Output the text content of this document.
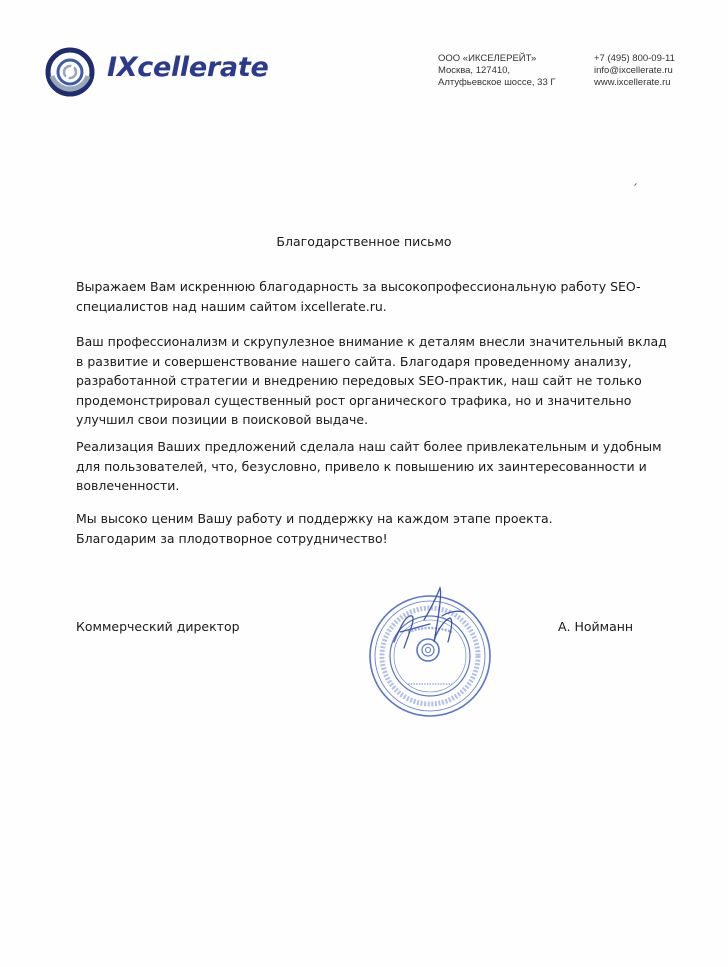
IXcellerate	ООО «ИКСЕЛЕРЕЙТ»
Москва, 127410,
Алтуфьевское шоссе, 33 Г
+7 (495) 800-09-11
info@ixcellerate.ru
www.ixcellerate.ru
Благодарственное письмо
Выражаем Вам искреннюю благодарность за высокопрофессиональную работу SEO-
специалистов над нашим сайтом ixcellerate.ru.
Ваш профессионализм и скрупулезное внимание к деталям внесли значительный вклад
в развитие и совершенствование нашего сайта. Благодаря проведенному анализу,
разработанной стратегии и внедрению передовых SEO-практик, наш сайт не только
продемонстрировал существенный рост органического трафика, но и значительно
улучшил свои позиции в поисковой выдаче.
Реализация Ваших предложений сделала наш сайт более привлекательным и удобным
для пользователей, что, безусловно, привело к повышению их заинтересованности и
вовлеченности.
Мы высоко ценим Вашу работу и поддержку на каждом этапе проекта.
Благодарим за плодотворное сотрудничество!
Коммерческий директор	А. Нойманн
